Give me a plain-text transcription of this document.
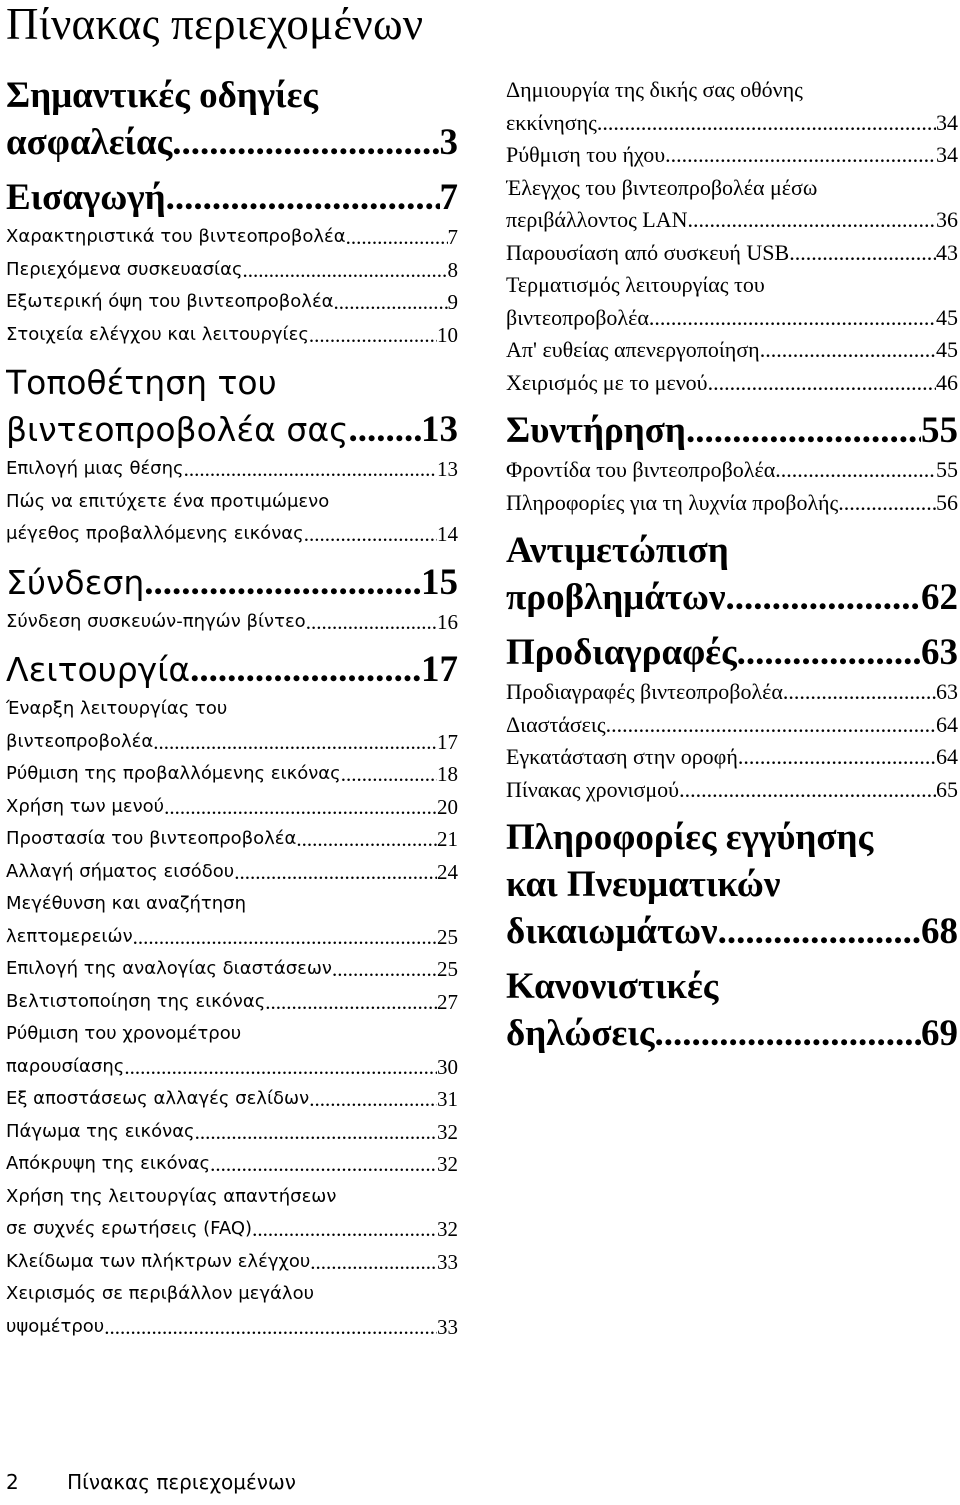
Πίνακας περιεχομένων
Σημαντικές οδηγίες
ασφαλείας .....	3
Εισαγωγή .....	7
Χαρακτηριστικά του βιντεοπροβολέα .....	7
Περιεχόμενα συσκευασίας .....	8
Εξωτερική όψη του βιντεοπροβολέα .....	9
Στοιχεία ελέγχου και λειτουργίες .....	10
Τοποθέτηση του
βιντεοπροβολέα σας ..... 13
Επιλογή μιας θέσης .....	13
Πώς να επιτύχετε ένα προτιμώμενο
μέγεθος προβαλλόμενης εικόνας .....	14
Σύνδεση .....	15
Σύνδεση συσκευών-πηγών βίντεο .....	16
Λειτουργία .....	17
Έναρξη λειτουργίας του
βιντεοπροβολέα .....	17
Ρύθμιση της προβαλλόμενης εικόνας .....	18
Χρήση των μενού .....	20
Προστασία του βιντεοπροβολέα .....	21
Αλλαγή σήματος εισόδου .....	24
Μεγέθυνση και αναζήτηση
λεπτομερειών .....	25
Επιλογή της αναλογίας διαστάσεων .....	25
Βελτιστοποίηση της εικόνας .....	27
Ρύθμιση του χρονομέτρου
παρουσίασης .....	30
Εξ αποστάσεως αλλαγές σελίδων .....	31
Πάγωμα της εικόνας .....	32
Απόκρυψη της εικόνας .....	32
Χρήση της λειτουργίας απαντήσεων
σε συχνές ερωτήσεις (FAQ) .....	32
Κλείδωμα των πλήκτρων ελέγχου .....	33
Χειρισμός σε περιβάλλον μεγάλου
υψομέτρου .....	33
Δημιουργία της δικής σας οθόνης
εκκίνησης .....	34
Ρύθμιση του ήχου .....	34
Έλεγχος του βιντεοπροβολέα μέσω
περιβάλλοντος LAN .....	36
Παρουσίαση από συσκευή USB .....	43
Τερματισμός λειτουργίας του
βιντεοπροβολέα .....	45
Απ' ευθείας απενεργοποίηση .....	45
Χειρισμός με το μενού .....	46
Συντήρηση .....	55
Φροντίδα του βιντεοπροβολέα .....	55
Πληροφορίες για τη λυχνία προβολής .....	56
Αντιμετώπιση
προβλημάτων .....	62
Προδιαγραφές .....	63
Προδιαγραφές βιντεοπροβολέα .....	63
Διαστάσεις .....	64
Εγκατάσταση στην οροφή .....	64
Πίνακας χρονισμού .....	65
Πληροφορίες εγγύησης
και Πνευματικών
δικαιωμάτων .....	68
Κανονιστικές
δηλώσεις .....	69
2 Πίνακας περιεχομένων
